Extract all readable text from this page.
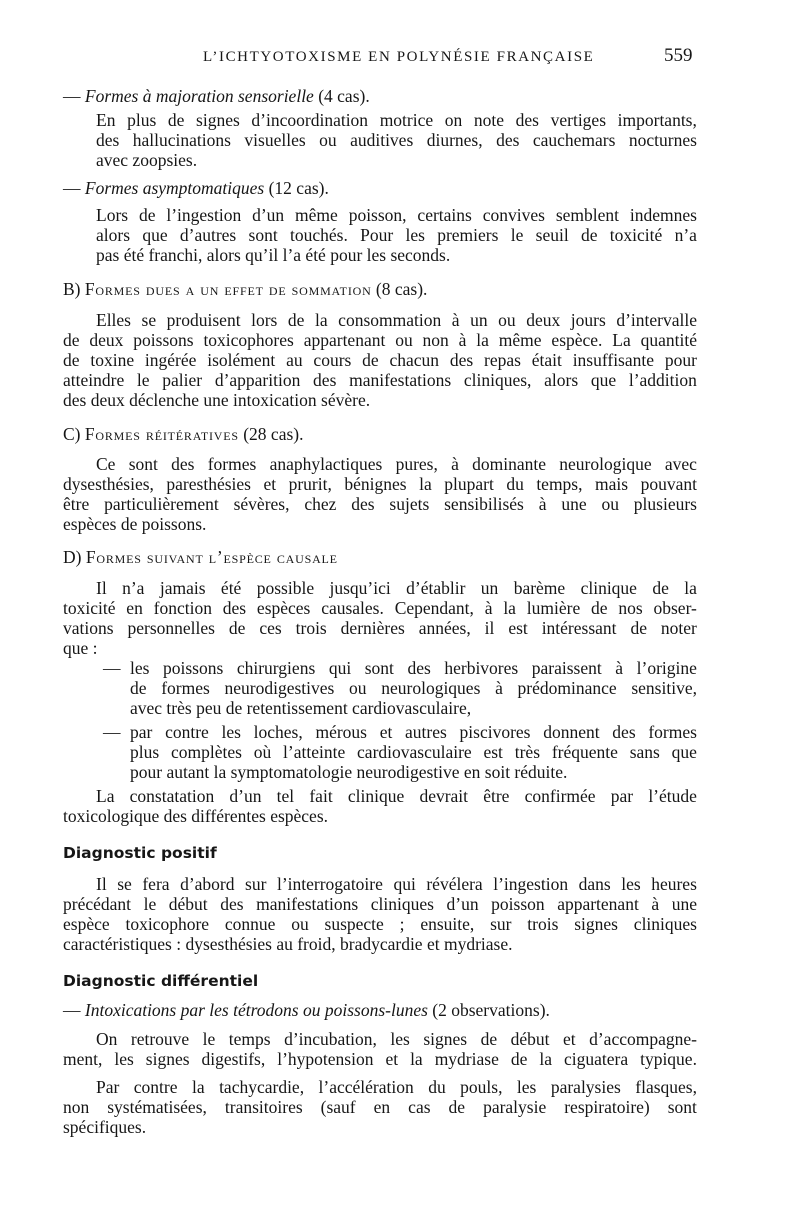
L’ICHTYOTOXISME EN POLYNÉSIE FRANÇAISE	559
— Formes à majoration sensorielle (4 cas).
En plus de signes d’incoordination motrice on note des vertiges importants,
des hallucinations visuelles ou auditives diurnes, des cauchemars nocturnes
avec zoopsies.
— Formes asymptomatiques (12 cas).
Lors de l’ingestion d’un même poisson, certains convives semblent indemnes
alors que d’autres sont touchés. Pour les premiers le seuil de toxicité n’a
pas été franchi, alors qu’il l’a été pour les seconds.
B) Formes dues a un effet de sommation (8 cas).
Elles se produisent lors de la consommation à un ou deux jours d’intervalle
de deux poissons toxicophores appartenant ou non à la même espèce. La quantité
de toxine ingérée isolément au cours de chacun des repas était insuffisante pour
atteindre le palier d’apparition des manifestations cliniques, alors que l’addition
des deux déclenche une intoxication sévère.
C) Formes réitératives (28 cas).
Ce sont des formes anaphylactiques pures, à dominante neurologique avec
dysesthésies, paresthésies et prurit, bénignes la plupart du temps, mais pouvant
être particulièrement sévères, chez des sujets sensibilisés à une ou plusieurs
espèces de poissons.
D) Formes suivant l’espèce causale
Il n’a jamais été possible jusqu’ici d’établir un barème clinique de la
toxicité en fonction des espèces causales. Cependant, à la lumière de nos obser-
vations personnelles de ces trois dernières années, il est intéressant de noter
que :
— les poissons chirurgiens qui sont des herbivores paraissent à l’origine
de formes neurodigestives ou neurologiques à prédominance sensitive,
avec très peu de retentissement cardiovasculaire,
— par contre les loches, mérous et autres piscivores donnent des formes
plus complètes où l’atteinte cardiovasculaire est très fréquente sans que
pour autant la symptomatologie neurodigestive en soit réduite.
La constatation d’un tel fait clinique devrait être confirmée par l’étude
toxicologique des différentes espèces.
Diagnostic positif
Il se fera d’abord sur l’interrogatoire qui révélera l’ingestion dans les heures
précédant le début des manifestations cliniques d’un poisson appartenant à une
espèce toxicophore connue ou suspecte ; ensuite, sur trois signes cliniques
caractéristiques : dysesthésies au froid, bradycardie et mydriase.
Diagnostic différentiel
— Intoxications par les tétrodons ou poissons-lunes (2 observations).
On retrouve le temps d’incubation, les signes de début et d’accompagne-
ment, les signes digestifs, l’hypotension et la mydriase de la ciguatera typique.
Par contre la tachycardie, l’accélération du pouls, les paralysies flasques,
non systématisées, transitoires (sauf en cas de paralysie respiratoire) sont
spécifiques.
